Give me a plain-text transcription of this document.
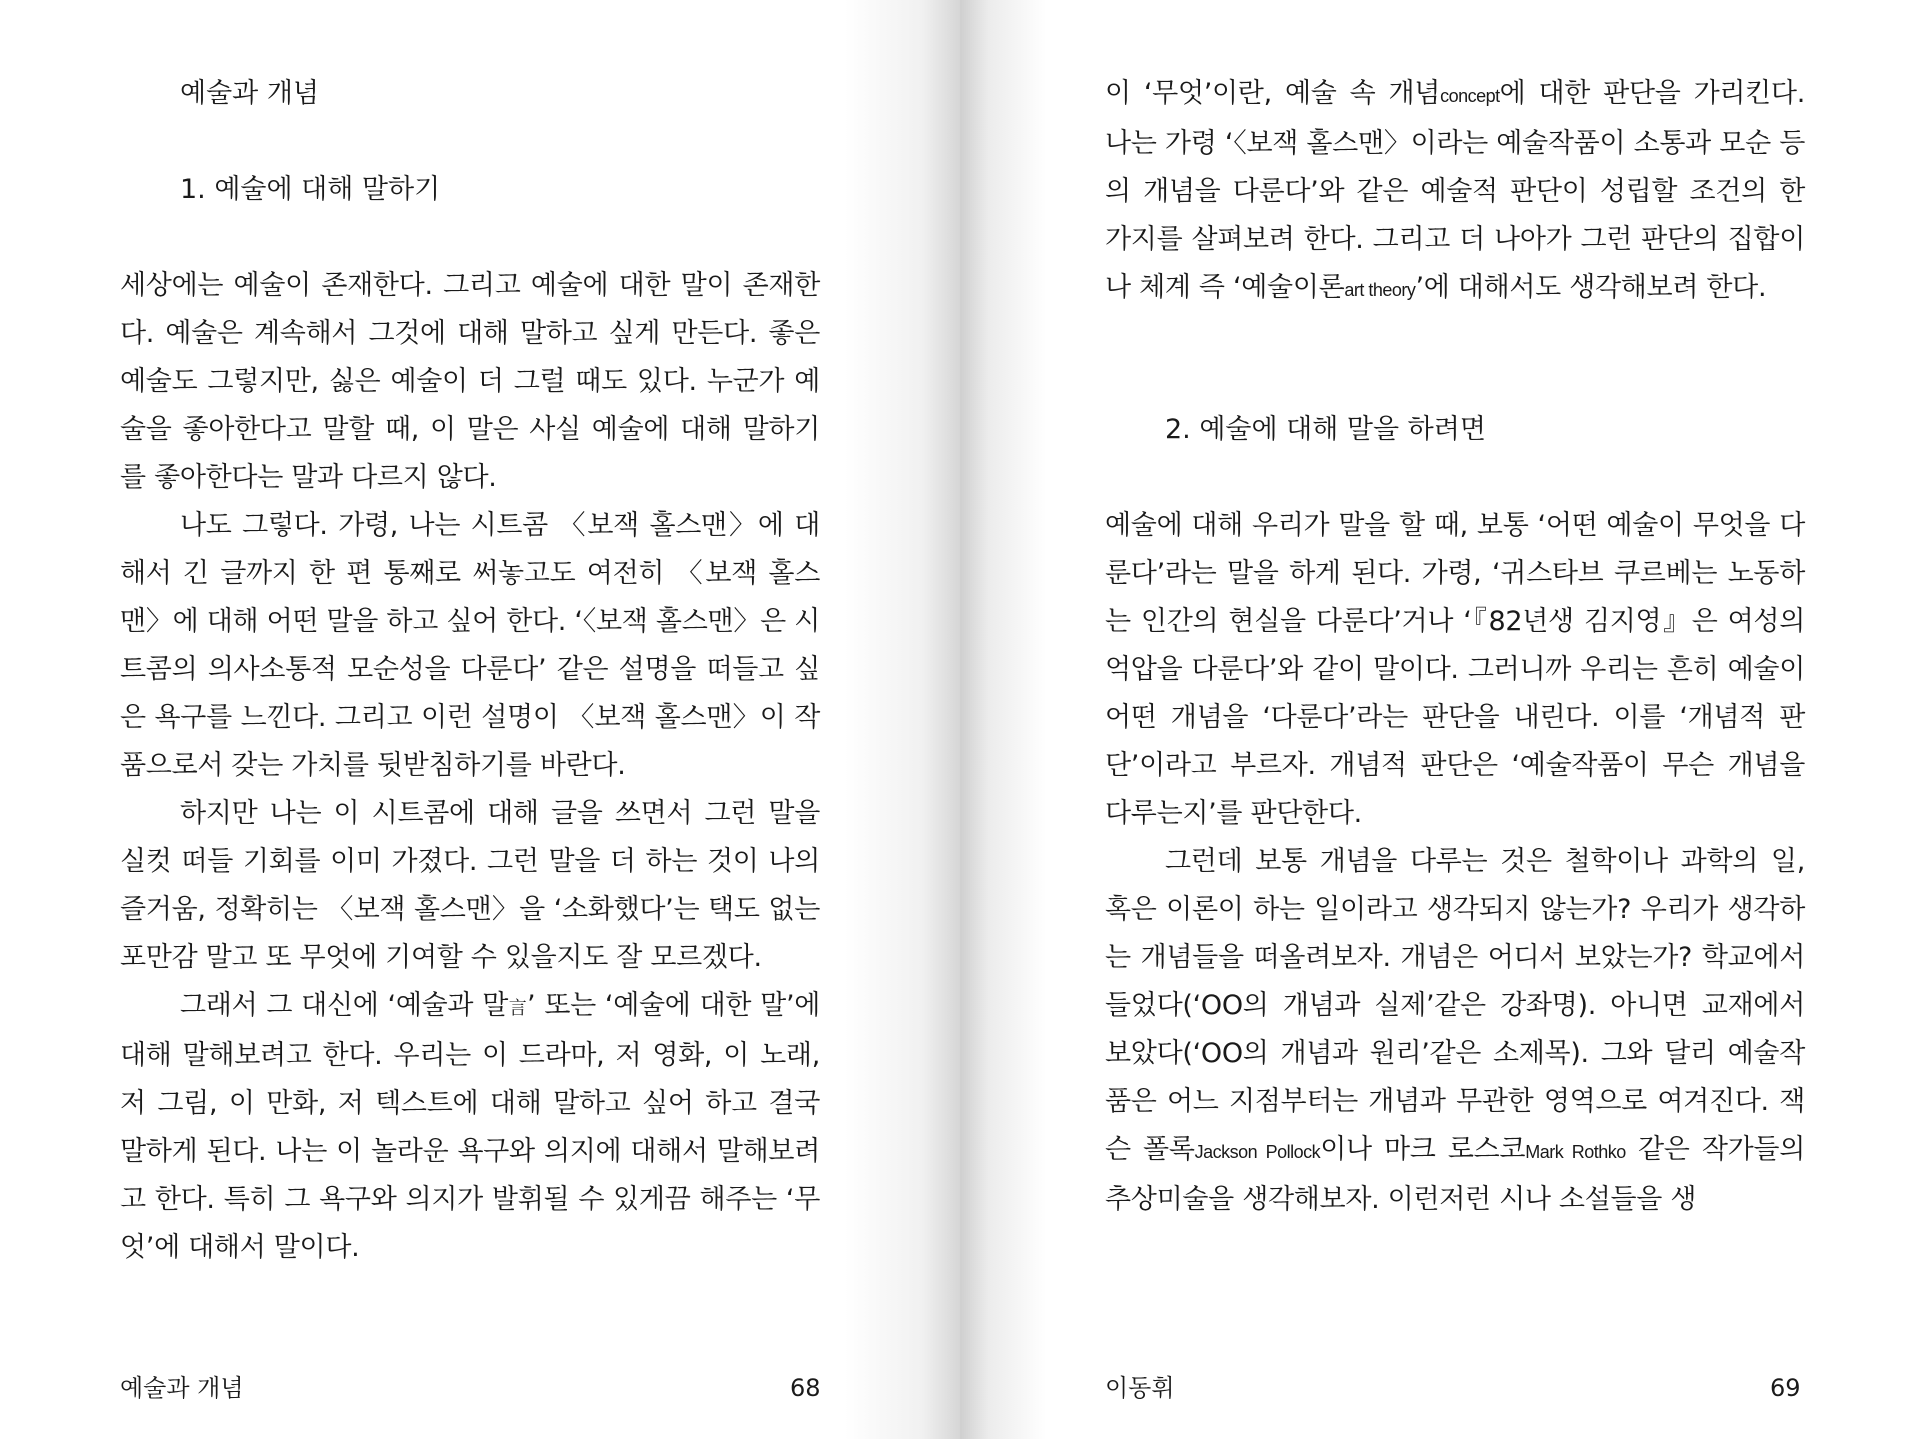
예술과 개념
1. 예술에 대해 말하기

세상에는 예술이 존재한다. 그리고 예술에 대한 말이 존재한다. 예술은 계속해서 그것에 대해 말하고 싶게 만든다. 좋은 예술도 그렇지만, 싫은 예술이 더 그럴 때도 있다. 누군가 예술을 좋아한다고 말할 때, 이 말은 사실 예술에 대해 말하기를 좋아한다는 말과 다르지 않다.

나도 그렇다. 가령, 나는 시트콤 〈보잭 홀스맨〉에 대해서 긴 글까지 한 편 통째로 써놓고도 여전히 〈보잭 홀스맨〉에 대해 어떤 말을 하고 싶어 한다. ‘〈보잭 홀스맨〉은 시트콤의 의사소통적 모순성을 다룬다’ 같은 설명을 떠들고 싶은 욕구를 느낀다. 그리고 이런 설명이 〈보잭 홀스맨〉이 작품으로서 갖는 가치를 뒷받침하기를 바란다.

하지만 나는 이 시트콤에 대해 글을 쓰면서 그런 말을 실컷 떠들 기회를 이미 가졌다. 그런 말을 더 하는 것이 나의 즐거움, 정확히는 〈보잭 홀스맨〉을 ‘소화했다’는 택도 없는 포만감 말고 또 무엇에 기여할 수 있을지도 잘 모르겠다.

그래서 그 대신에 ‘예술과 말言’ 또는 ‘예술에 대한 말’에 대해 말해보려고 한다. 우리는 이 드라마, 저 영화, 이 노래, 저 그림, 이 만화, 저 텍스트에 대해 말하고 싶어 하고 결국 말하게 된다. 나는 이 놀라운 욕구와 의지에 대해서 말해보려고 한다. 특히 그 욕구와 의지가 발휘될 수 있게끔 해주는 ‘무엇’에 대해서 말이다.

예술과 개념	68

이 ‘무엇’이란, 예술 속 개념concept에 대한 판단을 가리킨다. 나는 가령 ‘〈보잭 홀스맨〉이라는 예술작품이 소통과 모순 등의 개념을 다룬다’와 같은 예술적 판단이 성립할 조건의 한 가지를 살펴보려 한다. 그리고 더 나아가 그런 판단의 집합이나 체계 즉 ‘예술이론art theory’에 대해서도 생각해보려 한다.

2. 예술에 대해 말을 하려면

예술에 대해 우리가 말을 할 때, 보통 ‘어떤 예술이 무엇을 다룬다’라는 말을 하게 된다. 가령, ‘귀스타브 쿠르베는 노동하는 인간의 현실을 다룬다’거나 ‘『82년생 김지영』은 여성의 억압을 다룬다’와 같이 말이다. 그러니까 우리는 흔히 예술이 어떤 개념을 ‘다룬다’라는 판단을 내린다. 이를 ‘개념적 판단’이라고 부르자. 개념적 판단은 ‘예술작품이 무슨 개념을 다루는지’를 판단한다.

그런데 보통 개념을 다루는 것은 철학이나 과학의 일, 혹은 이론이 하는 일이라고 생각되지 않는가? 우리가 생각하는 개념들을 떠올려보자. 개념은 어디서 보았는가? 학교에서 들었다(‘OO의 개념과 실제’같은 강좌명). 아니면 교재에서 보았다(‘OO의 개념과 원리’같은 소제목). 그와 달리 예술작품은 어느 지점부터는 개념과 무관한 영역으로 여겨진다. 잭슨 폴록Jackson Pollock이나 마크 로스코Mark Rothko 같은 작가들의 추상미술을 생각해보자. 이런저런 시나 소설들을 생

이동휘	69
